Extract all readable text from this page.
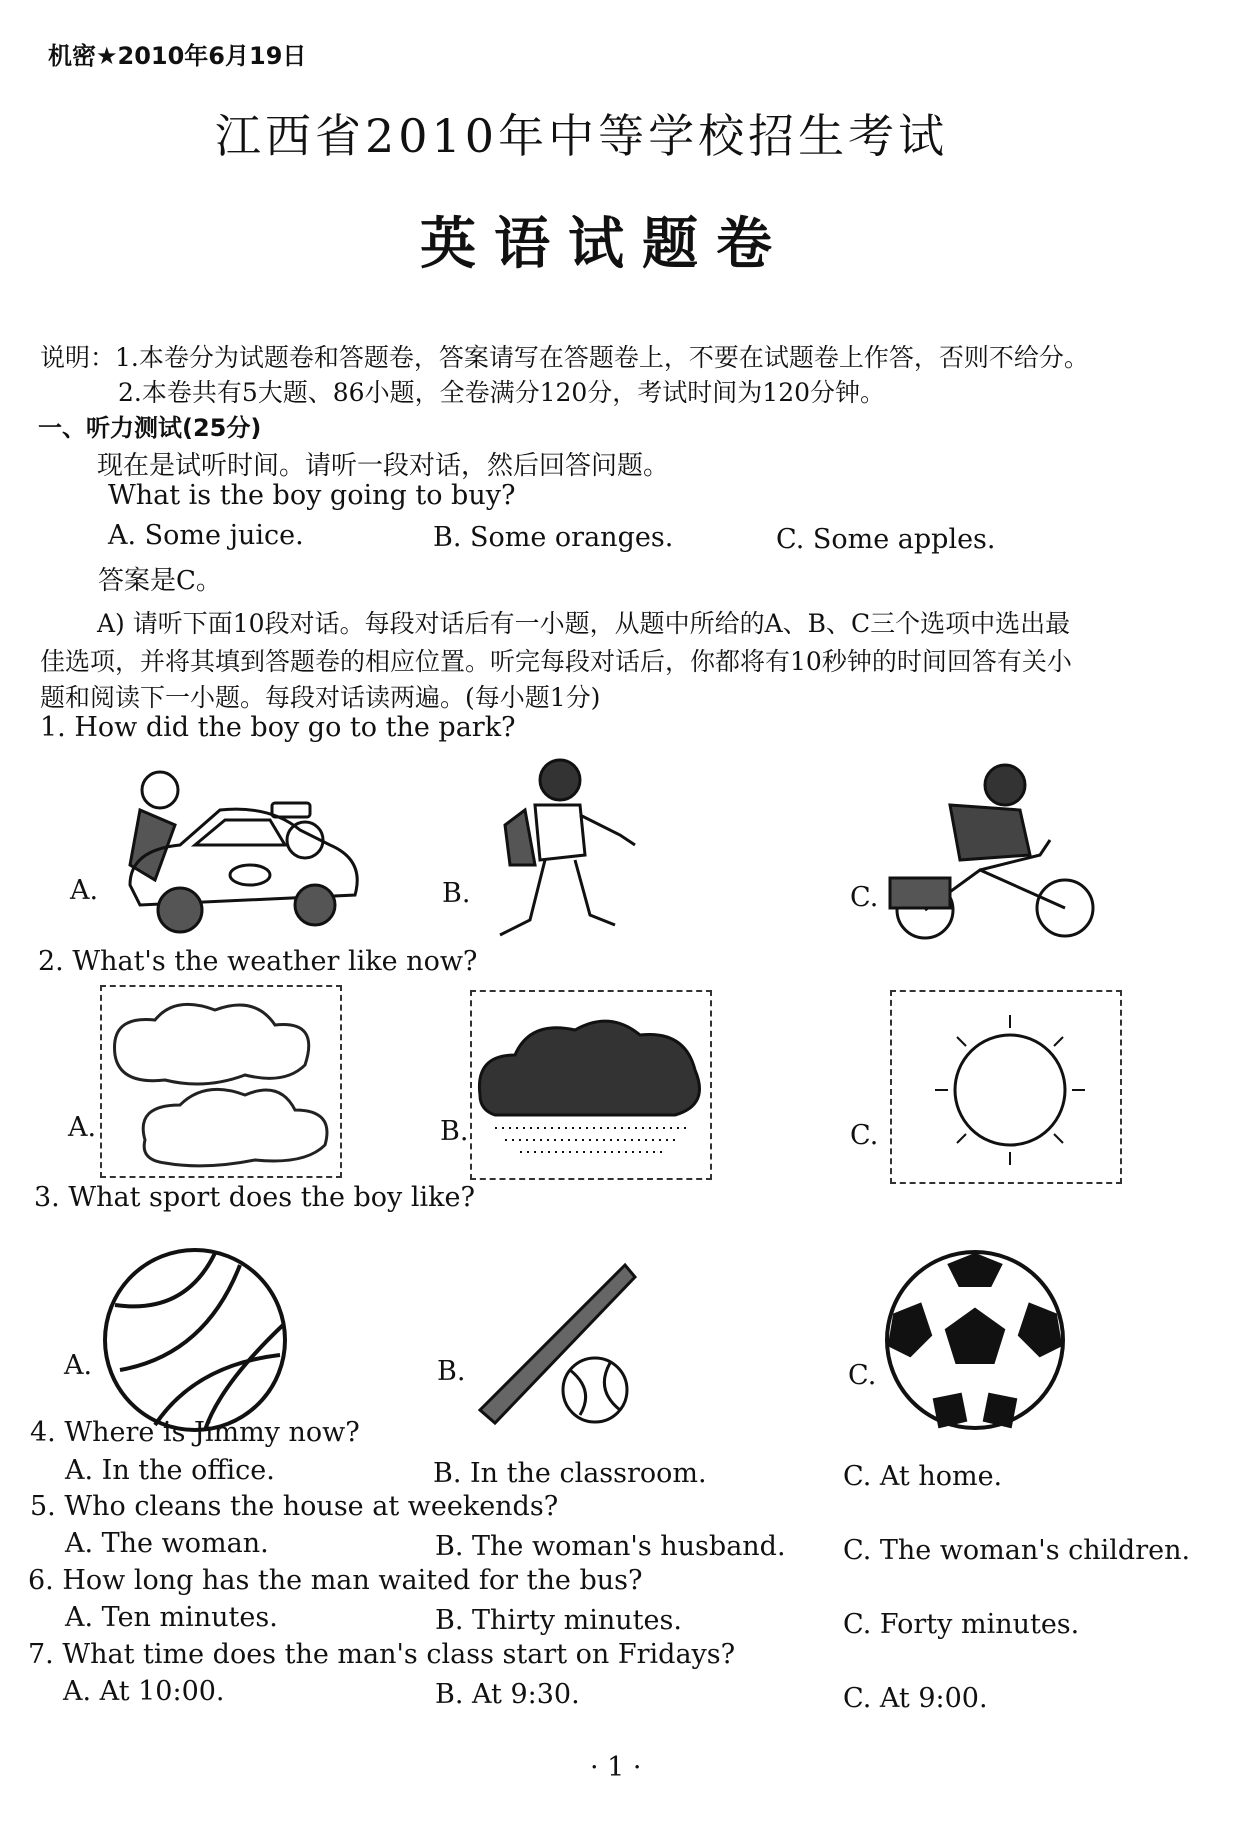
机密★2010年6月19日
江西省2010年中等学校招生考试
英语试题卷
说明：1.本卷分为试题卷和答题卷，答案请写在答题卷上，不要在试题卷上作答，否则不给分。
2.本卷共有5大题、86小题，全卷满分120分，考试时间为120分钟。
一、听力测试(25分)
现在是试听时间。请听一段对话，然后回答问题。
What is the boy going to buy?
A. Some juice.	B. Some oranges.	C. Some apples.
答案是C。
A) 请听下面10段对话。每段对话后有一小题，从题中所给的A、B、C三个选项中选出最
佳选项，并将其填到答题卷的相应位置。听完每段对话后，你都将有10秒钟的时间回答有关小
题和阅读下一小题。每段对话读两遍。(每小题1分)
1. How did the boy go to the park?
A.	B.	C.
2. What's the weather like now?
A.	B.	C.
3. What sport does the boy like?
A.	B.	C.
4. Where is Jimmy now?
A. In the office.	B. In the classroom.	C. At home.
5. Who cleans the house at weekends?
A. The woman.	B. The woman's husband. C. The woman's children.
6. How long has the man waited for the bus?
A. Ten minutes.	B. Thirty minutes.	C. Forty minutes.
7. What time does the man's class start on Fridays?
A. At 10:00.	B. At 9:30.	C. At 9:00.
· 1 ·
